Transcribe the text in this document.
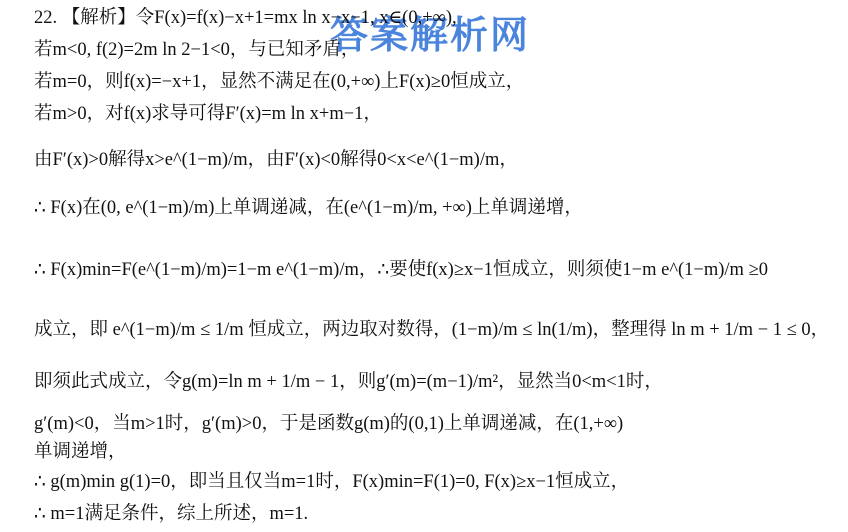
答案解析网
22. 【解析】令F(x)=f(x)−x+1=mx ln x−x−1, x∈(0,+∞),
若m<0, f(2)=2m ln 2−1<0，与已知矛盾，
若m=0，则f(x)=−x+1，显然不满足在(0,+∞)上F(x)≥0恒成立，
若m>0，对f(x)求导可得F′(x)=m ln x+m−1，
由F′(x)>0解得x>e^(1−m)/m，由F′(x)<0解得0<x<e^(1−m)/m，
∴ F(x)在(0, e^(1−m)/m)上单调递减，在(e^(1−m)/m, +∞)上单调递增，
∴ F(x)min=F(e^(1−m)/m)=1−m e^(1−m)/m，∴要使f(x)≥x−1恒成立，则须使1−m e^(1−m)/m ≥0
成立，即 e^(1−m)/m ≤ 1/m 恒成立，两边取对数得，(1−m)/m ≤ ln(1/m)，整理得 ln m + 1/m − 1 ≤ 0，
即须此式成立，令g(m)=ln m + 1/m − 1，则g′(m)=(m−1)/m²，显然当0<m<1时，
g′(m)<0，当m>1时，g′(m)>0，于是函数g(m)的(0,1)上单调递减，在(1,+∞)
单调递增，
∴ g(m)min g(1)=0，即当且仅当m=1时，F(x)min=F(1)=0, F(x)≥x−1恒成立，
∴ m=1满足条件，综上所述，m=1.
